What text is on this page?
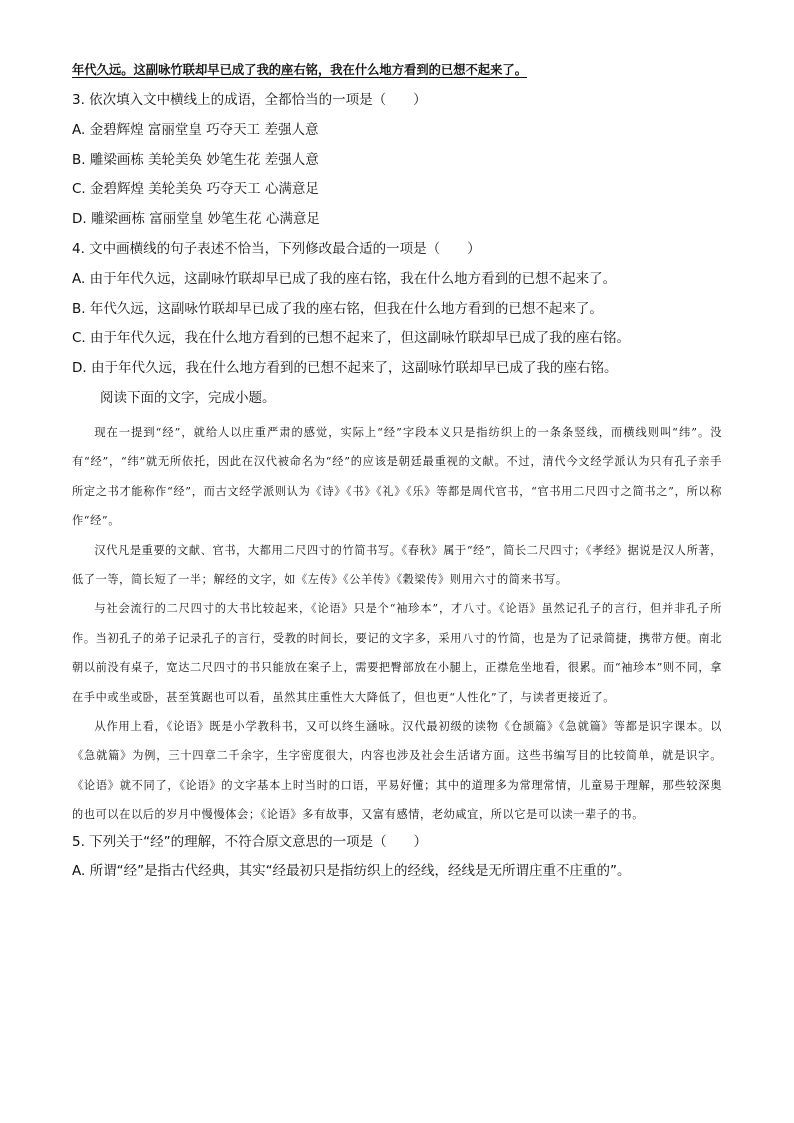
年代久远。这副咏竹联却早已成了我的座右铭，我在什么地方看到的已想不起来了。

3. 依次填入文中横线上的成语，全都恰当的一项是（　　）

A. 金碧辉煌 富丽堂皇 巧夺天工 差强人意

B. 雕梁画栋 美轮美奂 妙笔生花 差强人意

C. 金碧辉煌 美轮美奂 巧夺天工 心满意足

D. 雕梁画栋 富丽堂皇 妙笔生花 心满意足

4. 文中画横线的句子表述不恰当，下列修改最合适的一项是（　　）

A. 由于年代久远，这副咏竹联却早已成了我的座右铭，我在什么地方看到的已想不起来了。

B. 年代久远，这副咏竹联却早已成了我的座右铭，但我在什么地方看到的已想不起来了。

C. 由于年代久远，我在什么地方看到的已想不起来了，但这副咏竹联却早已成了我的座右铭。

D. 由于年代久远，我在什么地方看到的已想不起来了，这副咏竹联却早已成了我的座右铭。

阅读下面的文字，完成小题。

现在一提到“经”，就给人以庄重严肃的感觉，实际上“经”字段本义只是指纺织上的一条条竖线，而横线则叫“纬”。没有“经”，“纬”就无所依托，因此在汉代被命名为“经”的应该是朝廷最重视的文献。不过，清代今文经学派认为只有孔子亲手所定之书才能称作“经”，而古文经学派则认为《诗》《书》《礼》《乐》等都是周代官书，“官书用二尺四寸之简书之”，所以称作“经”。

汉代凡是重要的文献、官书，大都用二尺四寸的竹简书写。《春秋》属于“经”，简长二尺四寸；《孝经》据说是汉人所著，低了一等，简长短了一半；解经的文字，如《左传》《公羊传》《穀梁传》则用六寸的简来书写。

与社会流行的二尺四寸的大书比较起来，《论语》只是个“袖珍本”，才八寸。《论语》虽然记孔子的言行，但并非孔子所作。当初孔子的弟子记录孔子的言行，受教的时间长，要记的文字多，采用八寸的竹简，也是为了记录简捷，携带方便。南北朝以前没有桌子，宽达二尺四寸的书只能放在案子上，需要把臀部放在小腿上，正襟危坐地看，很累。而“袖珍本”则不同，拿在手中或坐或卧，甚至箕踞也可以看，虽然其庄重性大大降低了，但也更“人性化”了，与读者更接近了。

从作用上看，《论语》既是小学教科书，又可以终生涵咏。汉代最初级的读物《仓颉篇》《急就篇》等都是识字课本。以《急就篇》为例，三十四章二千余字，生字密度很大，内容也涉及社会生活诸方面。这些书编写目的比较简单，就是识字。《论语》就不同了，《论语》的文字基本上时当时的口语，平易好懂；其中的道理多为常理常情，儿童易于理解，那些较深奥的也可以在以后的岁月中慢慢体会；《论语》多有故事，又富有感情，老幼咸宜，所以它是可以读一辈子的书。

5. 下列关于“经”的理解，不符合原文意思的一项是（　　）

A. 所谓“经”是指古代经典，其实“经最初只是指纺织上的经线，经线是无所谓庄重不庄重的”。
